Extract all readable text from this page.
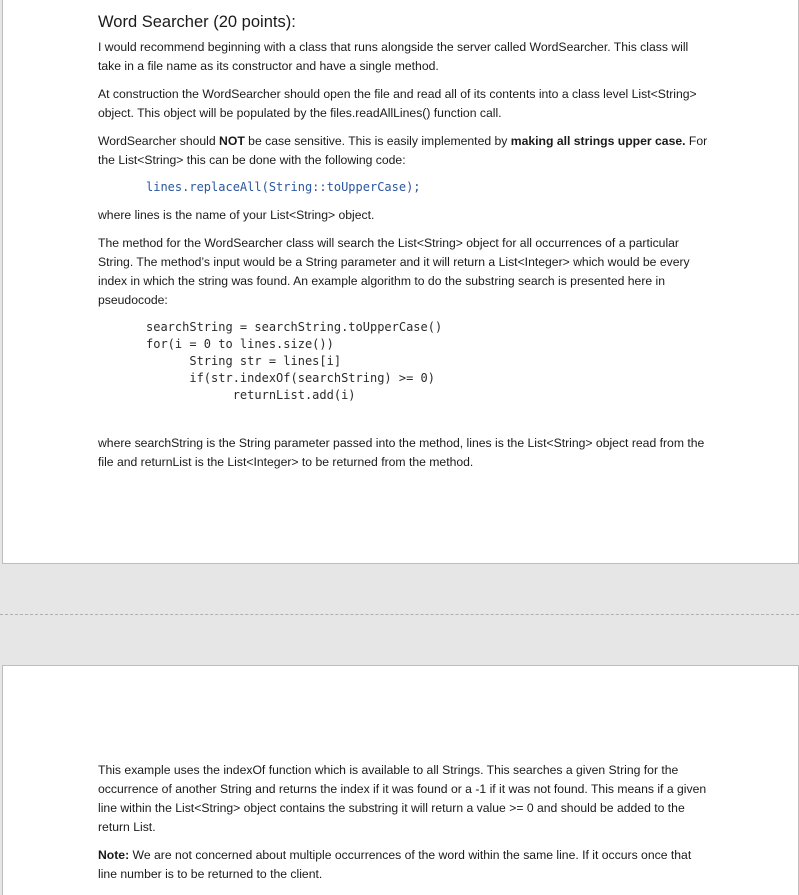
Word Searcher (20 points):

I would recommend beginning with a class that runs alongside the server called WordSearcher. This class will take in a file name as its constructor and have a single method.

At construction the WordSearcher should open the file and read all of its contents into a class level List<String> object. This object will be populated by the files.readAllLines() function call.

WordSearcher should NOT be case sensitive. This is easily implemented by making all strings upper case. For the List<String> this can be done with the following code:

lines.replaceAll(String::toUpperCase);

where lines is the name of your List<String> object.

The method for the WordSearcher class will search the List<String> object for all occurrences of a particular String. The method’s input would be a String parameter and it will return a List<Integer> which would be every index in which the string was found. An example algorithm to do the substring search is presented here in pseudocode:

searchString = searchString.toUpperCase()
for(i = 0 to lines.size())
String str = lines[i]
if(str.indexOf(searchString) >= 0)
returnList.add(i)

where searchString is the String parameter passed into the method, lines is the List<String> object read from the file and returnList is the List<Integer> to be returned from the method.

This example uses the indexOf function which is available to all Strings. This searches a given String for the occurrence of another String and returns the index if it was found or a -1 if it was not found. This means if a given line within the List<String> object contains the substring it will return a value >= 0 and should be added to the return List.

Note: We are not concerned about multiple occurrences of the word within the same line. If it occurs once that line number is to be returned to the client.
